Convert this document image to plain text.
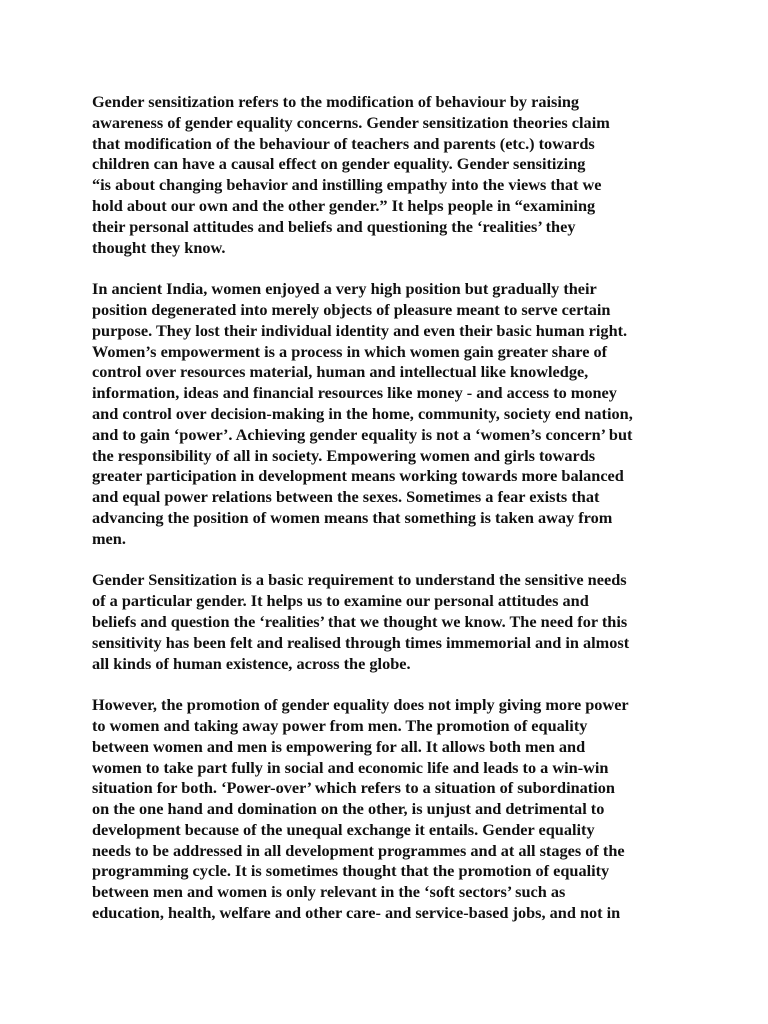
Gender sensitization refers to the modification of behaviour by raising
awareness of gender equality concerns. Gender sensitization theories claim
that modification of the behaviour of teachers and parents (etc.) towards
children can have a causal effect on gender equality. Gender sensitizing
“is about changing behavior and instilling empathy into the views that we
hold about our own and the other gender.” It helps people in “examining
their personal attitudes and beliefs and questioning the ‘realities’ they
thought they know.

In ancient India, women enjoyed a very high position but gradually their
position degenerated into merely objects of pleasure meant to serve certain
purpose. They lost their individual identity and even their basic human right.
Women’s empowerment is a process in which women gain greater share of
control over resources material, human and intellectual like knowledge,
information, ideas and financial resources like money - and access to money
and control over decision-making in the home, community, society end nation,
and to gain ‘power’. Achieving gender equality is not a ‘women’s concern’ but
the responsibility of all in society. Empowering women and girls towards
greater participation in development means working towards more balanced
and equal power relations between the sexes. Sometimes a fear exists that
advancing the position of women means that something is taken away from
men.

Gender Sensitization is a basic requirement to understand the sensitive needs
of a particular gender. It helps us to examine our personal attitudes and
beliefs and question the ‘realities’ that we thought we know. The need for this
sensitivity has been felt and realised through times immemorial and in almost
all kinds of human existence, across the globe.

However, the promotion of gender equality does not imply giving more power
to women and taking away power from men. The promotion of equality
between women and men is empowering for all. It allows both men and
women to take part fully in social and economic life and leads to a win-win
situation for both. ‘Power-over’ which refers to a situation of subordination
on the one hand and domination on the other, is unjust and detrimental to
development because of the unequal exchange it entails. Gender equality
needs to be addressed in all development programmes and at all stages of the
programming cycle. It is sometimes thought that the promotion of equality
between men and women is only relevant in the ‘soft sectors’ such as
education, health, welfare and other care- and service-based jobs, and not in
